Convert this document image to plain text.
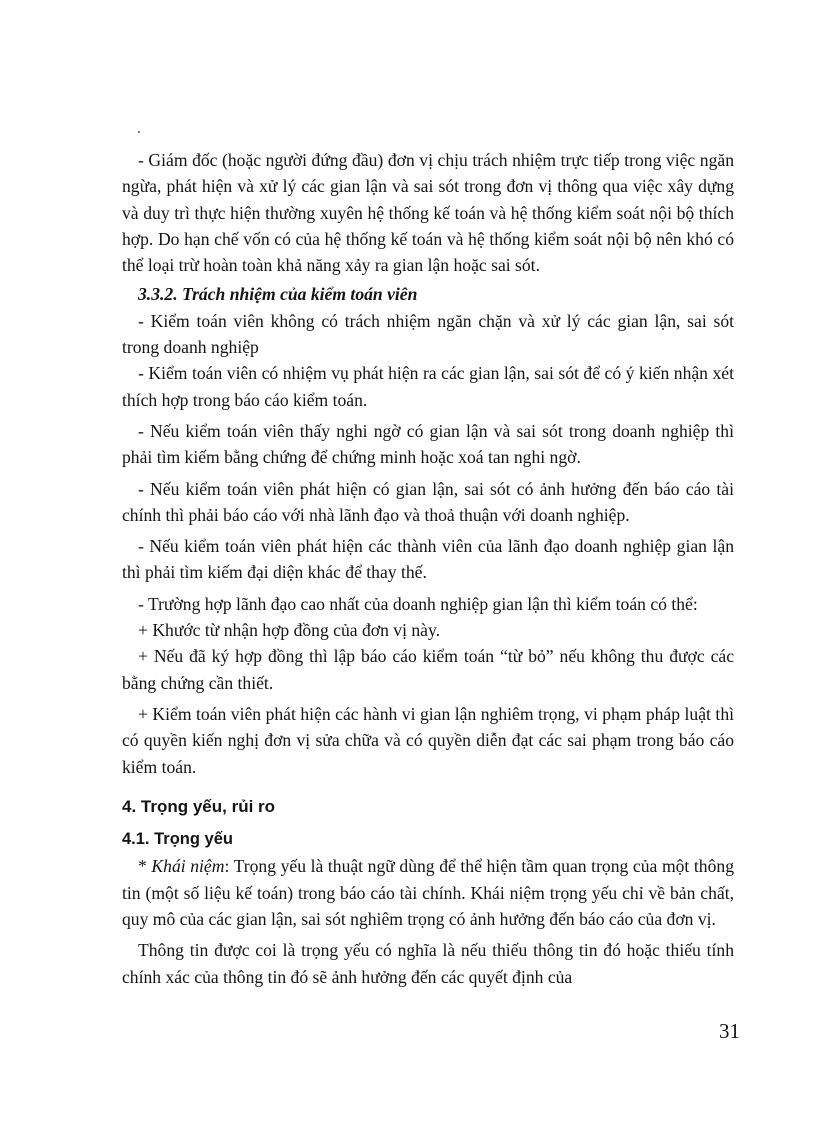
- Giám đốc (hoặc người đứng đầu) đơn vị chịu trách nhiệm trực tiếp trong việc ngăn ngừa, phát hiện và xử lý các gian lận và sai sót trong đơn vị thông qua việc xây dựng và duy trì thực hiện thường xuyên hệ thống kế toán và hệ thống kiểm soát nội bộ thích hợp. Do hạn chế vốn có của hệ thống kế toán và hệ thống kiểm soát nội bộ nên khó có thể loại trừ hoàn toàn khả năng xảy ra gian lận hoặc sai sót.

3.3.2. Trách nhiệm của kiểm toán viên

- Kiểm toán viên không có trách nhiệm ngăn chặn và xử lý các gian lận, sai sót trong doanh nghiệp

- Kiểm toán viên có nhiệm vụ phát hiện ra các gian lận, sai sót để có ý kiến nhận xét thích hợp trong báo cáo kiểm toán.

- Nếu kiểm toán viên thấy nghi ngờ có gian lận và sai sót trong doanh nghiệp thì phải tìm kiếm bằng chứng để chứng minh hoặc xoá tan nghi ngờ.

- Nếu kiểm toán viên phát hiện có gian lận, sai sót có ảnh hưởng đến báo cáo tài chính thì phải báo cáo với nhà lãnh đạo và thoả thuận với doanh nghiệp.

- Nếu kiểm toán viên phát hiện các thành viên của lãnh đạo doanh nghiệp gian lận thì phải tìm kiếm đại diện khác để thay thế.

- Trường hợp lãnh đạo cao nhất của doanh nghiệp gian lận thì kiểm toán có thể:

+ Khước từ nhận hợp đồng của đơn vị này.

+ Nếu đã ký hợp đồng thì lập báo cáo kiểm toán “từ bỏ” nếu không thu được các bằng chứng cần thiết.

+ Kiểm toán viên phát hiện các hành vi gian lận nghiêm trọng, vi phạm pháp luật thì có quyền kiến nghị đơn vị sửa chữa và có quyền diễn đạt các sai phạm trong báo cáo kiểm toán.

4. Trọng yếu, rủi ro

4.1. Trọng yếu

* Khái niệm: Trọng yếu là thuật ngữ dùng để thể hiện tầm quan trọng của một thông tin (một số liệu kế toán) trong báo cáo tài chính. Khái niệm trọng yếu chỉ về bản chất, quy mô của các gian lận, sai sót nghiêm trọng có ảnh hưởng đến báo cáo của đơn vị.

Thông tin được coi là trọng yếu có nghĩa là nếu thiếu thông tin đó hoặc thiếu tính chính xác của thông tin đó sẽ ảnh hưởng đến các quyết định của

31
